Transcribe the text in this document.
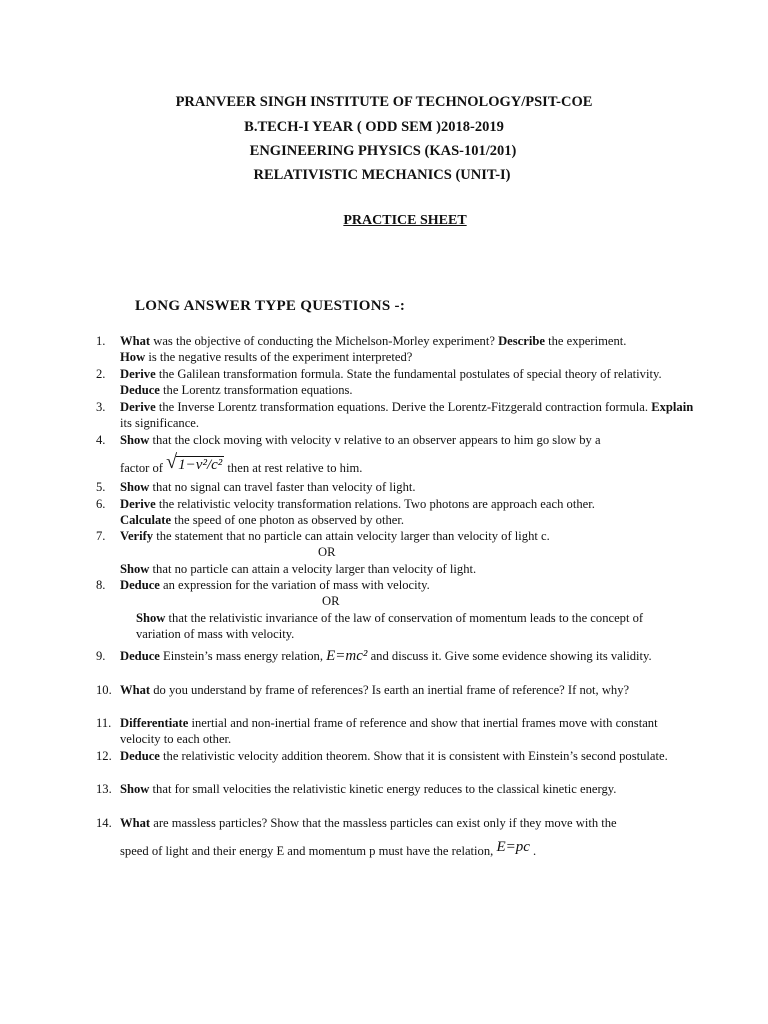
PRANVEER SINGH INSTITUTE OF TECHNOLOGY/PSIT-COE
B.TECH-I YEAR ( ODD SEM )2018-2019
ENGINEERING PHYSICS (KAS-101/201)
RELATIVISTIC MECHANICS (UNIT-I)
PRACTICE SHEET
LONG ANSWER TYPE QUESTIONS -:
1. What was the objective of conducting the Michelson-Morley experiment? Describe the experiment.
How is the negative results of the experiment interpreted?
2. Derive the Galilean transformation formula. State the fundamental postulates of special theory of relativity. Deduce the Lorentz transformation equations.
3. Derive the Inverse Lorentz transformation equations. Derive the Lorentz-Fitzgerald contraction formula. Explain its significance.
4. Show that the clock moving with velocity v relative to an observer appears to him go slow by a
factor of √ 1−v²/c² then at rest relative to him.
5. Show that no signal can travel faster than velocity of light.
6. Derive the relativistic velocity transformation relations. Two photons are approach each other.
Calculate the speed of one photon as observed by other.
7. Verify the statement that no particle can attain velocity larger than velocity of light c.
OR
Show that no particle can attain a velocity larger than velocity of light.
8. Deduce an expression for the variation of mass with velocity.
OR
Show that the relativistic invariance of the law of conservation of momentum leads to the concept of variation of mass with velocity.
9. Deduce Einstein’s mass energy relation, E=mc² and discuss it. Give some evidence showing its validity.
10. What do you understand by frame of references? Is earth an inertial frame of reference? If not, why?
11. Differentiate inertial and non-inertial frame of reference and show that inertial frames move with constant velocity to each other.
12. Deduce the relativistic velocity addition theorem. Show that it is consistent with Einstein’s second postulate.
13. Show that for small velocities the relativistic kinetic energy reduces to the classical kinetic energy.
14. What are massless particles? Show that the massless particles can exist only if they move with the
speed of light and their energy E and momentum p must have the relation, E=pc .
